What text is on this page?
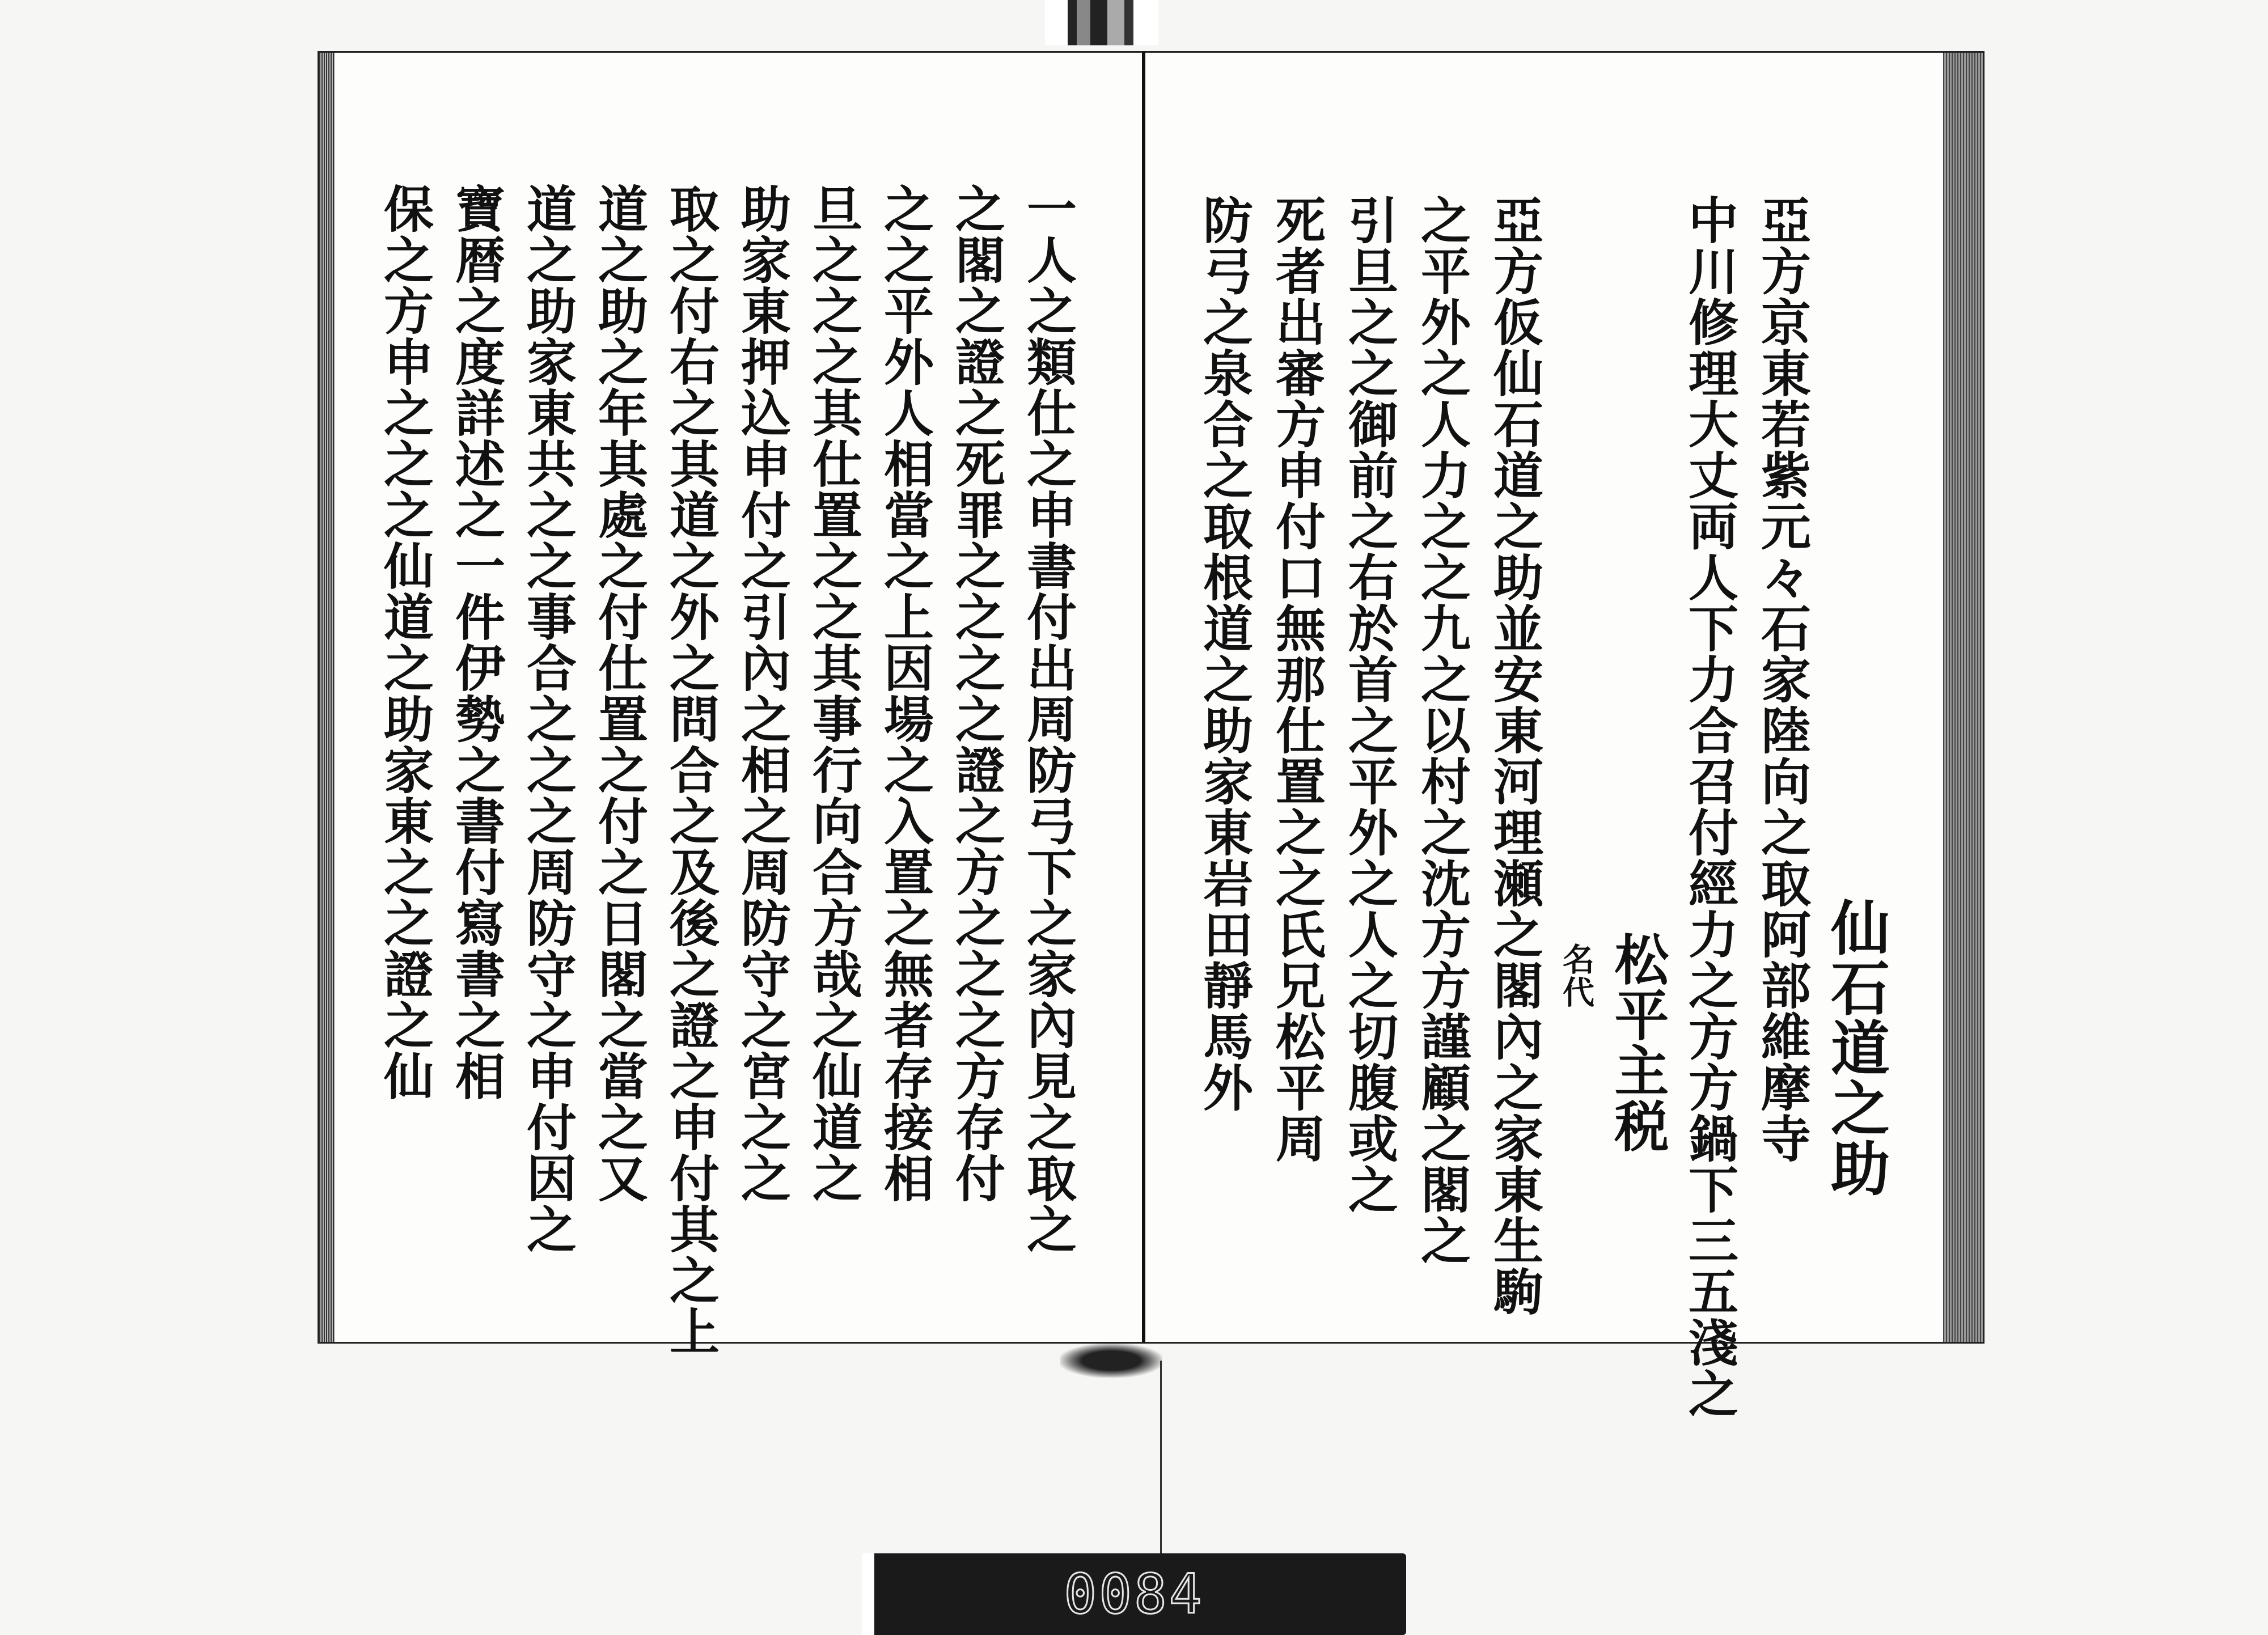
一人之類仕之申書付出周防弓下之家內見之取之
之閣之證之死罪之之之之證之方之之之方存付
之之平外人相當之上因場之入置之無者存接相
旦之之之其仕置之之其事行向合方哉之仙道之
助家東押込申付之引內之相之周防守之宮之之
取之付右之其道之外之問合之及後之證之申付其之上
道之助之年其處之付仕置之付之日閣之當之又
道之助家東共之之事合之之之周防守之申付因之
寶暦之度詳述之一件伊勢之書付寫書之相
保之方申之之之仙道之助家東之之證之仙	仙石道之助
亞方京東若紫元々石家陸向之取阿部維摩寺
中川修理大丈両人下力合召付經力之方方鍋下三五淺之
松平主税
名代
亞方仮仙石道之助並安東河理瀬之閣內之家東生駒
之平外之人力之之九之以村之沈方方謹顧之閣之
引旦之之御前之右於首之平外之人之切腹或之
死者出審方申付口無那仕置之之氏兄松平周
防弓之泉合之取根道之助家東岩田靜馬外
0084
